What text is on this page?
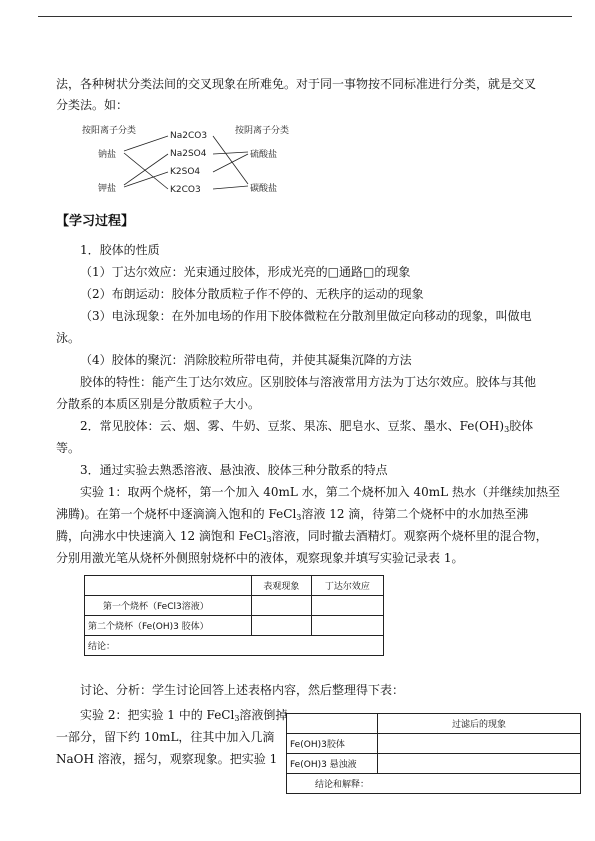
法，各种树状分类法间的交叉现象在所难免。对于同一事物按不同标准进行分类，就是交叉
分类法。如：
按阳离子分类	按阴离子分类
钠盐
钾盐
Na2CO3
Na2SO4
K2SO4
K2CO3
硫酸盐
碳酸盐
【学习过程】
1．胶体的性质
（1）丁达尔效应：光束通过胶体，形成光亮的□通路□的现象
（2）布朗运动：胶体分散质粒子作不停的、无秩序的运动的现象
（3）电泳现象：在外加电场的作用下胶体微粒在分散剂里做定向移动的现象，叫做电
泳。
（4）胶体的聚沉：消除胶粒所带电荷，并使其凝集沉降的方法
胶体的特性：能产生丁达尔效应。区别胶体与溶液常用方法为丁达尔效应。胶体与其他
分散系的本质区别是分散质粒子大小。
2．常见胶体：云、烟、雾、牛奶、豆浆、果冻、肥皂水、豆浆、墨水、$Fe(OH)_3$胶体
等。
3．通过实验去熟悉溶液、悬浊液、胶体三种分散系的特点
实验 1：取两个烧杯，第一个加入 40mL 水，第二个烧杯加入 40mL 热水（并继续加热至
沸腾)。在第一个烧杯中逐滴滴入饱和的 FeCl$_3$溶液 12 滴，待第二个烧杯中的水加热至沸
腾，向沸水中快速滴入 12 滴饱和 FeCl$_3$溶液，同时撤去酒精灯。观察两个烧杯里的混合物，
分别用激光笔从烧杯外侧照射烧杯中的液体，观察现象并填写实验记录表 1。
	表观现象	丁达尔效应
第一个烧杯（FeCl3溶液）		
第二个烧杯（Fe(OH)3 胶体）		
结论：		
讨论、分析：学生讨论回答上述表格内容，然后整理得下表：
实验 2：把实验 1 中的 FeCl$_3$溶液倒掉
一部分，留下约 10mL，往其中加入几滴
NaOH 溶液，摇匀，观察现象。把实验 1
	过滤后的现象
Fe(OH)3胶体	
Fe(OH)3 悬浊液	
结论和解释：	
